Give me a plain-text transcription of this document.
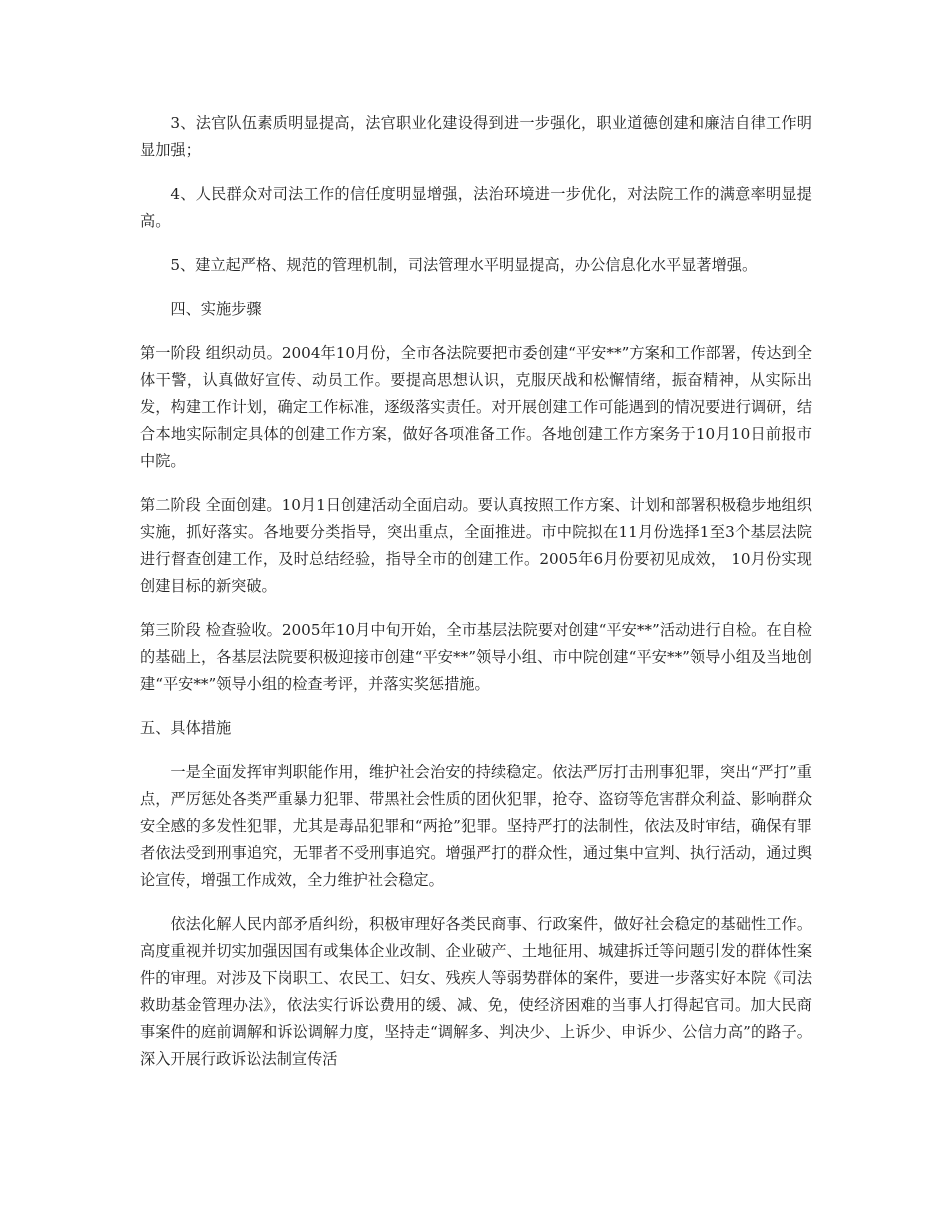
3、法官队伍素质明显提高，法官职业化建设得到进一步强化，职业道德创建和廉洁自律工作明显加强；

4、人民群众对司法工作的信任度明显增强，法治环境进一步优化，对法院工作的满意率明显提高。

5、建立起严格、规范的管理机制，司法管理水平明显提高，办公信息化水平显著增强。

四、实施步骤

第一阶段 组织动员。2004年10月份，全市各法院要把市委创建“平安**”方案和工作部署，传达到全体干警，认真做好宣传、动员工作。要提高思想认识，克服厌战和松懈情绪，振奋精神，从实际出发，构建工作计划，确定工作标准，逐级落实责任。对开展创建工作可能遇到的情况要进行调研，结合本地实际制定具体的创建工作方案，做好各项准备工作。各地创建工作方案务于10月10日前报市中院。

第二阶段 全面创建。10月1日创建活动全面启动。要认真按照工作方案、计划和部署积极稳步地组织实施，抓好落实。各地要分类指导，突出重点，全面推进。市中院拟在11月份选择1至3个基层法院进行督查创建工作，及时总结经验，指导全市的创建工作。2005年6月份要初见成效， 10月份实现创建目标的新突破。

第三阶段 检查验收。2005年10月中旬开始，全市基层法院要对创建“平安**”活动进行自检。在自检的基础上，各基层法院要积极迎接市创建“平安**”领导小组、市中院创建“平安**”领导小组及当地创建“平安**”领导小组的检查考评，并落实奖惩措施。

五、具体措施

一是全面发挥审判职能作用，维护社会治安的持续稳定。依法严厉打击刑事犯罪，突出“严打”重点，严厉惩处各类严重暴力犯罪、带黑社会性质的团伙犯罪，抢夺、盗窃等危害群众利益、影响群众安全感的多发性犯罪，尤其是毒品犯罪和“两抢”犯罪。坚持严打的法制性，依法及时审结，确保有罪者依法受到刑事追究，无罪者不受刑事追究。增强严打的群众性，通过集中宣判、执行活动，通过舆论宣传，增强工作成效，全力维护社会稳定。

依法化解人民内部矛盾纠纷，积极审理好各类民商事、行政案件，做好社会稳定的基础性工作。高度重视并切实加强因国有或集体企业改制、企业破产、土地征用、城建拆迁等问题引发的群体性案件的审理。对涉及下岗职工、农民工、妇女、残疾人等弱势群体的案件，要进一步落实好本院《司法救助基金管理办法》，依法实行诉讼费用的缓、减、免，使经济困难的当事人打得起官司。加大民商事案件的庭前调解和诉讼调解力度，坚持走“调解多、判决少、上诉少、申诉少、公信力高”的路子。深入开展行政诉讼法制宣传活
